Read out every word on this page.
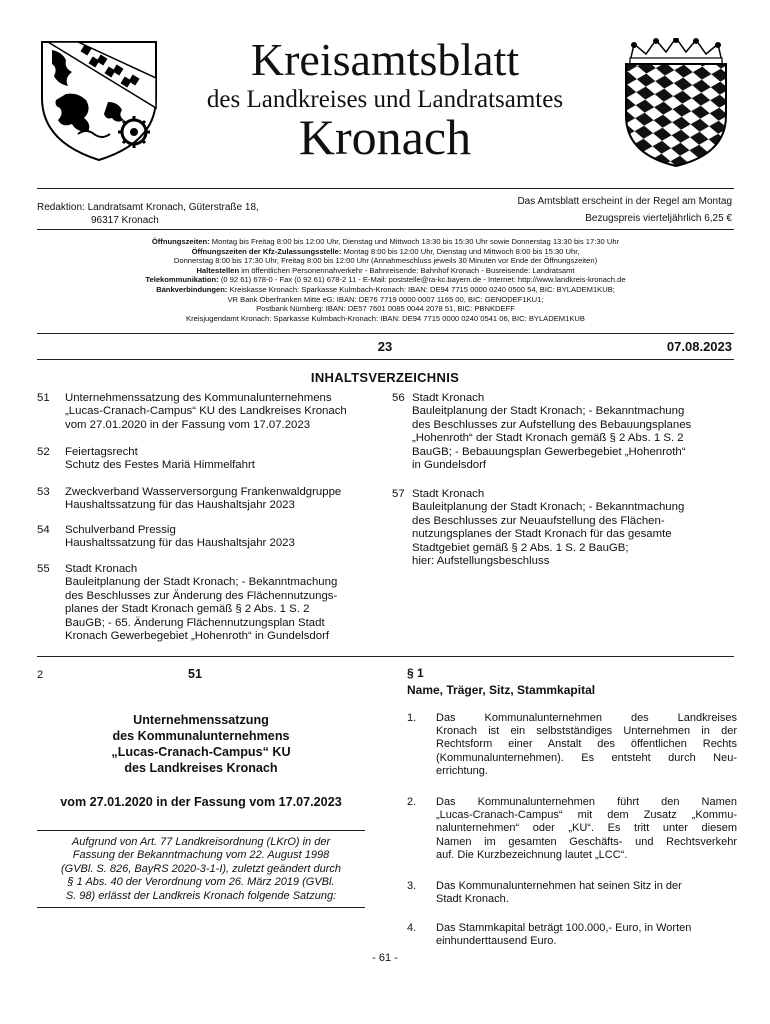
Kreisamtsblatt
des Landkreises und Landratsamtes
Kronach
Redaktion: Landratsamt Kronach, Güterstraße 18,
96317 Kronach
Das Amtsblatt erscheint in der Regel am Montag
Bezugspreis vierteljährlich 6,25 €
Öffnungszeiten: Montag bis Freitag 8:00 bis 12:00 Uhr, Dienstag und Mittwoch 13:30 bis 15:30 Uhr sowie Donnerstag 13:30 bis 17:30 Uhr
Öffnungszeiten der Kfz-Zulassungsstelle: Montag 8:00 bis 12:00 Uhr, Dienstag und Mittwoch 8:00 bis 15:30 Uhr,
Donnerstag 8:00 bis 17:30 Uhr, Freitag 8:00 bis 12:00 Uhr (Annahmeschluss jeweils 30 Minuten vor Ende der Öffnungszeiten)
Haltestellen im öffentlichen Personennahverkehr - Bahnreisende: Bahnhof Kronach - Busreisende: Landratsamt
Telekommunikation: (0 92 61) 678-0 - Fax (0 92 61) 678-2 11 - E-Mail: poststelle@ra-kc.bayern.de - Internet: http://www.landkreis-kronach.de
Bankverbindungen: Kreiskasse Kronach: Sparkasse Kulmbach-Kronach: IBAN: DE94 7715 0000 0240 0500 54, BIC: BYLADEM1KUB;
VR Bank Oberfranken Mitte eG: IBAN: DE76 7719 0000 0007 1165 00, BIC: GENODEF1KU1;
Postbank Nürnberg: IBAN: DE57 7601 0085 0044 2078 51, BIC: PBNKDEFF
Kreisjugendamt Kronach: Sparkasse Kulmbach-Kronach: IBAN: DE94 7715 0000 0240 0541 06, BIC: BYLADEM1KUB
23	07.08.2023
INHALTSVERZEICHNIS
51 Unternehmenssatzung des Kommunalunternehmens
„Lucas-Cranach-Campus“ KU des Landkreises Kronach
vom 27.01.2020 in der Fassung vom 17.07.2023
52 Feiertagsrecht
Schutz des Festes Mariä Himmelfahrt
53 Zweckverband Wasserversorgung Frankenwaldgruppe
Haushaltssatzung für das Haushaltsjahr 2023
54 Schulverband Pressig
Haushaltssatzung für das Haushaltsjahr 2023
55 Stadt Kronach
Bauleitplanung der Stadt Kronach; - Bekanntmachung
des Beschlusses zur Änderung des Flächennutzungs-
planes der Stadt Kronach gemäß § 2 Abs. 1 S. 2
BauGB; - 65. Änderung Flächennutzungsplan Stadt
Kronach Gewerbegebiet „Hohenroth“ in Gundelsdorf
56 Stadt Kronach
Bauleitplanung der Stadt Kronach; - Bekanntmachung
des Beschlusses zur Aufstellung des Bebauungsplanes
„Hohenroth“ der Stadt Kronach gemäß § 2 Abs. 1 S. 2
BauGB; - Bebauungsplan Gewerbegebiet „Hohenroth“
in Gundelsdorf
57 Stadt Kronach
Bauleitplanung der Stadt Kronach; - Bekanntmachung
des Beschlusses zur Neuaufstellung des Flächen-
nutzungsplanes der Stadt Kronach für das gesamte
Stadtgebiet gemäß § 2 Abs. 1 S. 2 BauGB;
hier: Aufstellungsbeschluss
2	51
Unternehmenssatzung
des Kommunalunternehmens
„Lucas-Cranach-Campus“ KU
des Landkreises Kronach
vom 27.01.2020 in der Fassung vom 17.07.2023
Aufgrund von Art. 77 Landkreisordnung (LKrO) in der
Fassung der Bekanntmachung vom 22. August 1998
(GVBl. S. 826, BayRS 2020-3-1-I), zuletzt geändert durch
§ 1 Abs. 40 der Verordnung vom 26. März 2019 (GVBl.
S. 98) erlässt der Landkreis Kronach folgende Satzung:
§ 1
Name, Träger, Sitz, Stammkapital
1. Das Kommunalunternehmen des Landkreises
Kronach ist ein selbstständiges Unternehmen in der
Rechtsform einer Anstalt des öffentlichen Rechts
(Kommunalunternehmen). Es entsteht durch Neu-
errichtung.
2. Das Kommunalunternehmen führt den Namen
„Lucas-Cranach-Campus“ mit dem Zusatz „Kommu-
nalunternehmen“ oder „KU“. Es tritt unter diesem
Namen im gesamten Geschäfts- und Rechtsverkehr
auf. Die Kurzbezeichnung lautet „LCC“.
3. Das Kommunalunternehmen hat seinen Sitz in der
Stadt Kronach.
4. Das Stammkapital beträgt 100.000,- Euro, in Worten
einhunderttausend Euro.
- 61 -
